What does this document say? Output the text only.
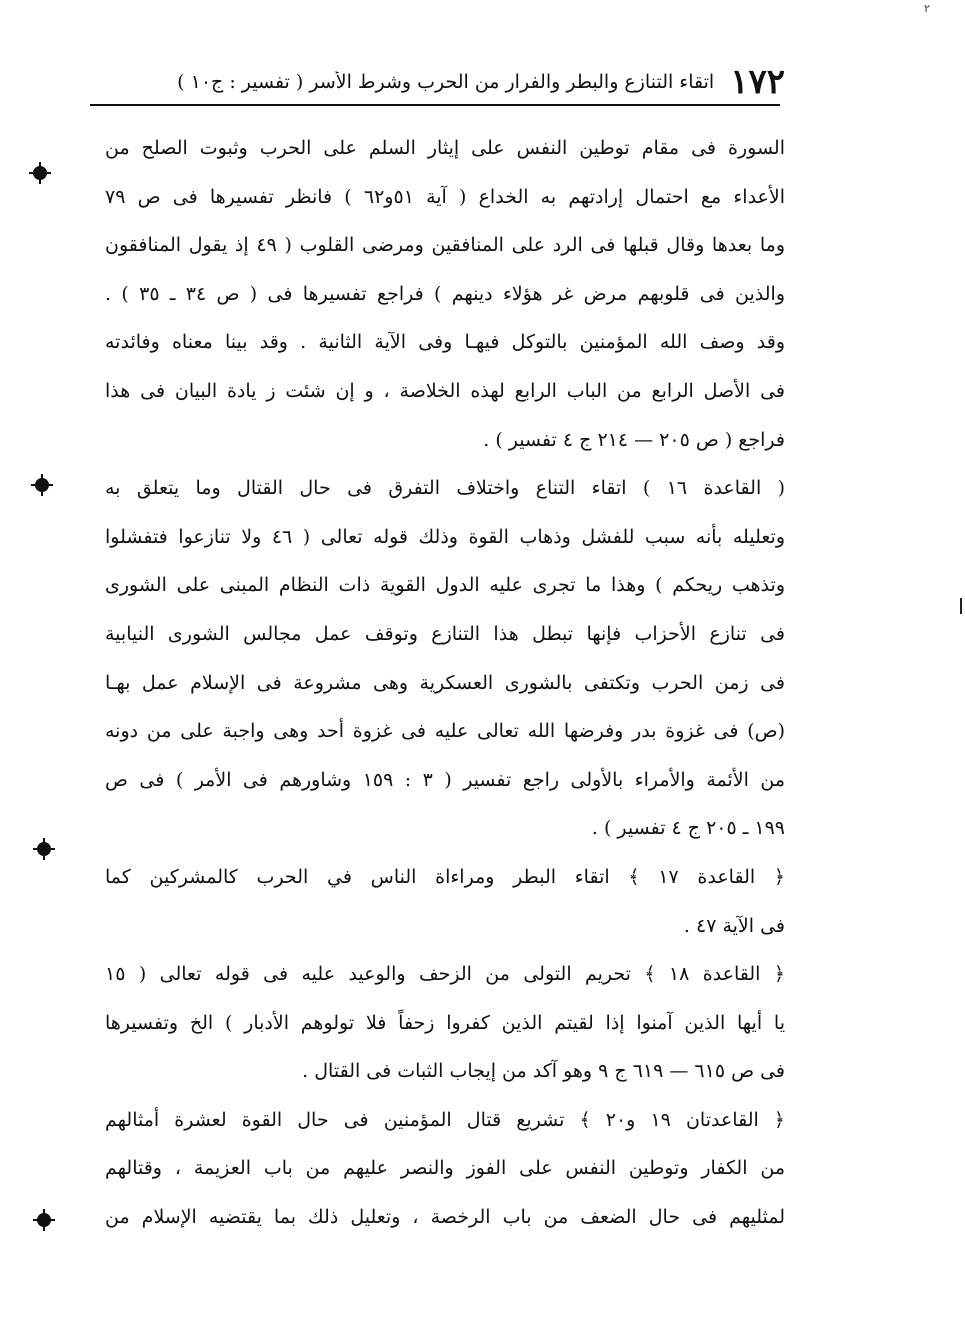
٢
١٧٢
اتقاء التنازع والبطر والفرار من الحرب وشرط الأسر ( تفسير : ج١٠ )
السورة فى مقام توطين النفس على إيثار السلم على الحرب وثبوت الصلح من
الأعداء مع احتمال إرادتهم به الخداع ( آية ٥١و٦٢ ) فانظر تفسيرها فى ص ٧٩
وما بعدها وقال قبلها فى الرد على المنافقين ومرضى القلوب ( ٤٩ إذ يقول المنافقون
والذين فى قلوبهم مرض غر هؤلاء دينهم ) فراجع تفسيرها فى ( ص ٣٤ ـ ٣٥ ) .
وقد وصف الله المؤمنين بالتوكل فيهـا وفى الآية الثانية . وقد بينا معناه وفائدته
فى الأصل الرابع من الباب الرابع لهذه الخلاصة ، و إن شئت ز يادة البيان فى هذا
فراجع ( ص ٢٠٥ — ٢١٤ ج ٤ تفسير ) .
( القاعدة ١٦ ) اتقاء التناع واختلاف التفرق فى حال القتال وما يتعلق به
وتعليله بأنه سبب للفشل وذهاب القوة وذلك قوله تعالى ( ٤٦ ولا تنازعوا فتفشلوا
وتذهب ريحكم ) وهذا ما تجرى عليه الدول القوية ذات النظام المبنى على الشورى
فى تنازع الأحزاب فإنها تبطل هذا التنازع وتوقف عمل مجالس الشورى النيابية
فى زمن الحرب وتكتفى بالشورى العسكرية وهى مشروعة فى الإسلام عمل بهـا
(ص) فى غزوة بدر وفرضها الله تعالى عليه فى غزوة أحد وهى واجبة على من دونه
من الأئمة والأمراء بالأولى راجع تفسير ( ٣ : ١٥٩ وشاورهم فى الأمر ) فى ص
١٩٩ ـ ٢٠٥ ج ٤ تفسير ) .
﴿ القاعدة ١٧ ﴾ اتقاء البطر ومراءاة الناس في الحرب كالمشركين كما
فى الآية ٤٧ .
﴿ القاعدة ١٨ ﴾ تحريم التولى من الزحف والوعيد عليه فى قوله تعالى ( ١٥
يا أيها الذين آمنوا إذا لقيتم الذين كفروا زحفاً فلا تولوهم الأدبار ) الخ وتفسيرها
فى ص ٦١٥ — ٦١٩ ج ٩ وهو آكد من إيجاب الثبات فى القتال .
﴿ القاعدتان ١٩ و٢٠ ﴾ تشريع قتال المؤمنين فى حال القوة لعشرة أمثالهم
من الكفار وتوطين النفس على الفوز والنصر عليهم من باب العزيمة ، وقتالهم
لمثليهم فى حال الضعف من باب الرخصة ، وتعليل ذلك بما يقتضيه الإسلام من
